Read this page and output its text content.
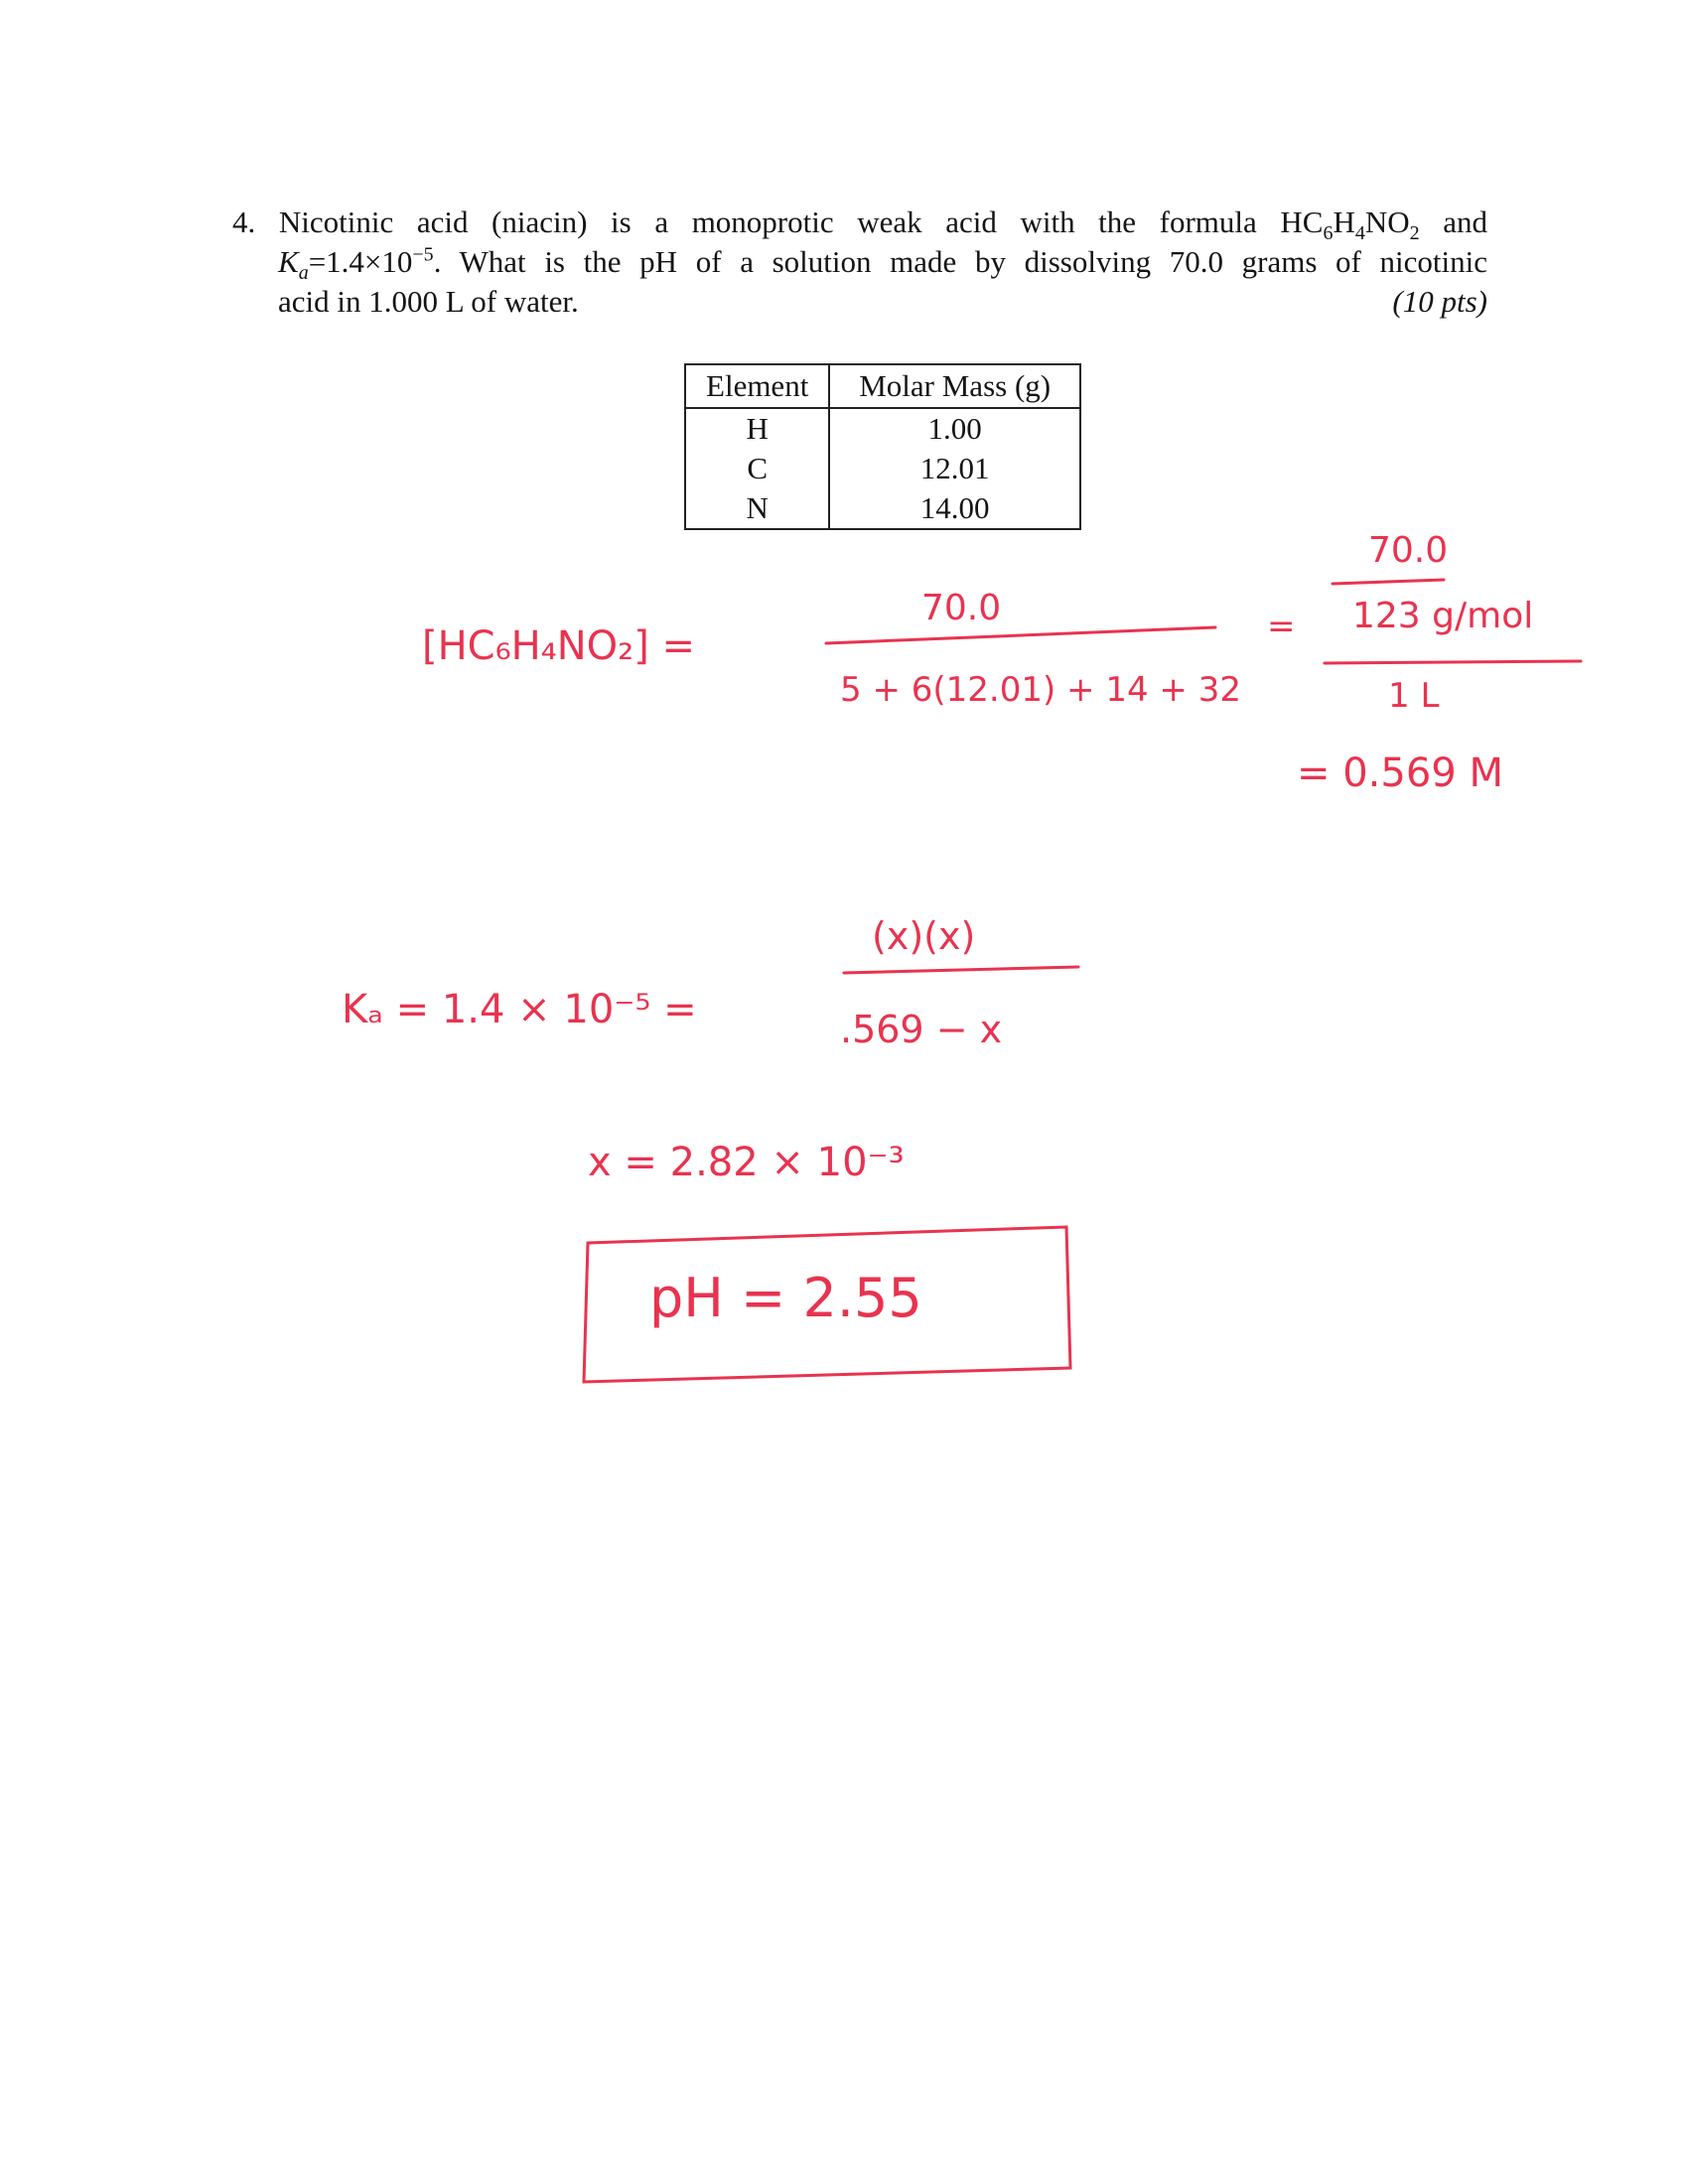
4. Nicotinic acid (niacin) is a monoprotic weak acid with the formula $HC_6H_4NO_2$ and
$K_a=1.4\times 10^{-5}$. What is the pH of a solution made by dissolving 70.0 grams of nicotinic
acid in 1.000 L of water.	(10 pts)
Element	Molar Mass (g)
H	1.00
C	12.01
N	14.00
[HC₆H₄NO₂] =
70.0
5 + 6(12.01) + 14 + 32
=
70.0
123 g/mol
1 L
= 0.569 M
Kₐ = 1.4 × 10⁻⁵ =
(x)(x)
.569 − x
x = 2.82 × 10⁻³
pH = 2.55
